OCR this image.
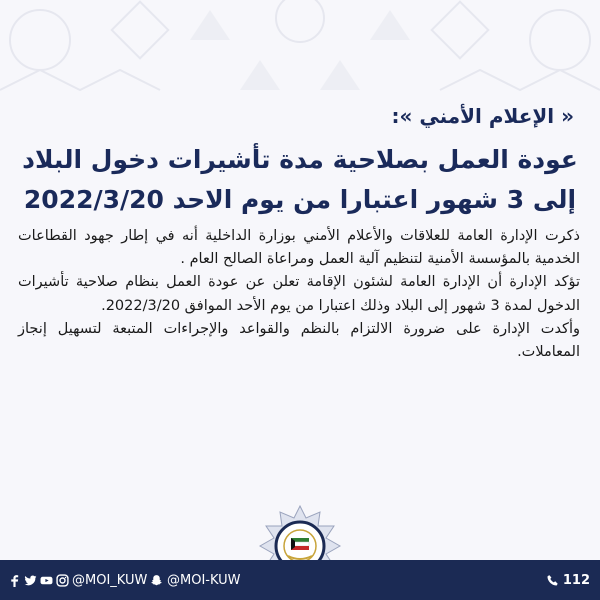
« الإعلام الأمني »:
عودة العمل بصلاحية مدة تأشيرات دخول البلاد
إلى 3 شهور اعتبارا من يوم الاحد 2022/3/20

ذكرت الإدارة العامة للعلاقات والأعلام الأمني بوزارة الداخلية أنه في إطار جهود القطاعات الخدمية بالمؤسسة الأمنية لتنظيم آلية العمل ومراعاة الصالح العام .

تؤكد الإدارة أن الإدارة العامة لشئون الإقامة تعلن عن عودة العمل بنظام صلاحية تأشيرات الدخول لمدة 3 شهور إلى البلاد وذلك اعتبارا من يوم الأحد الموافق 2022/3/20.

وأكدت الإدارة على ضرورة الالتزام بالنظم والقواعد والإجراءات المتبعة لتسهيل إنجاز المعاملات.

@MOI_KUW @MOI-KUW	112
